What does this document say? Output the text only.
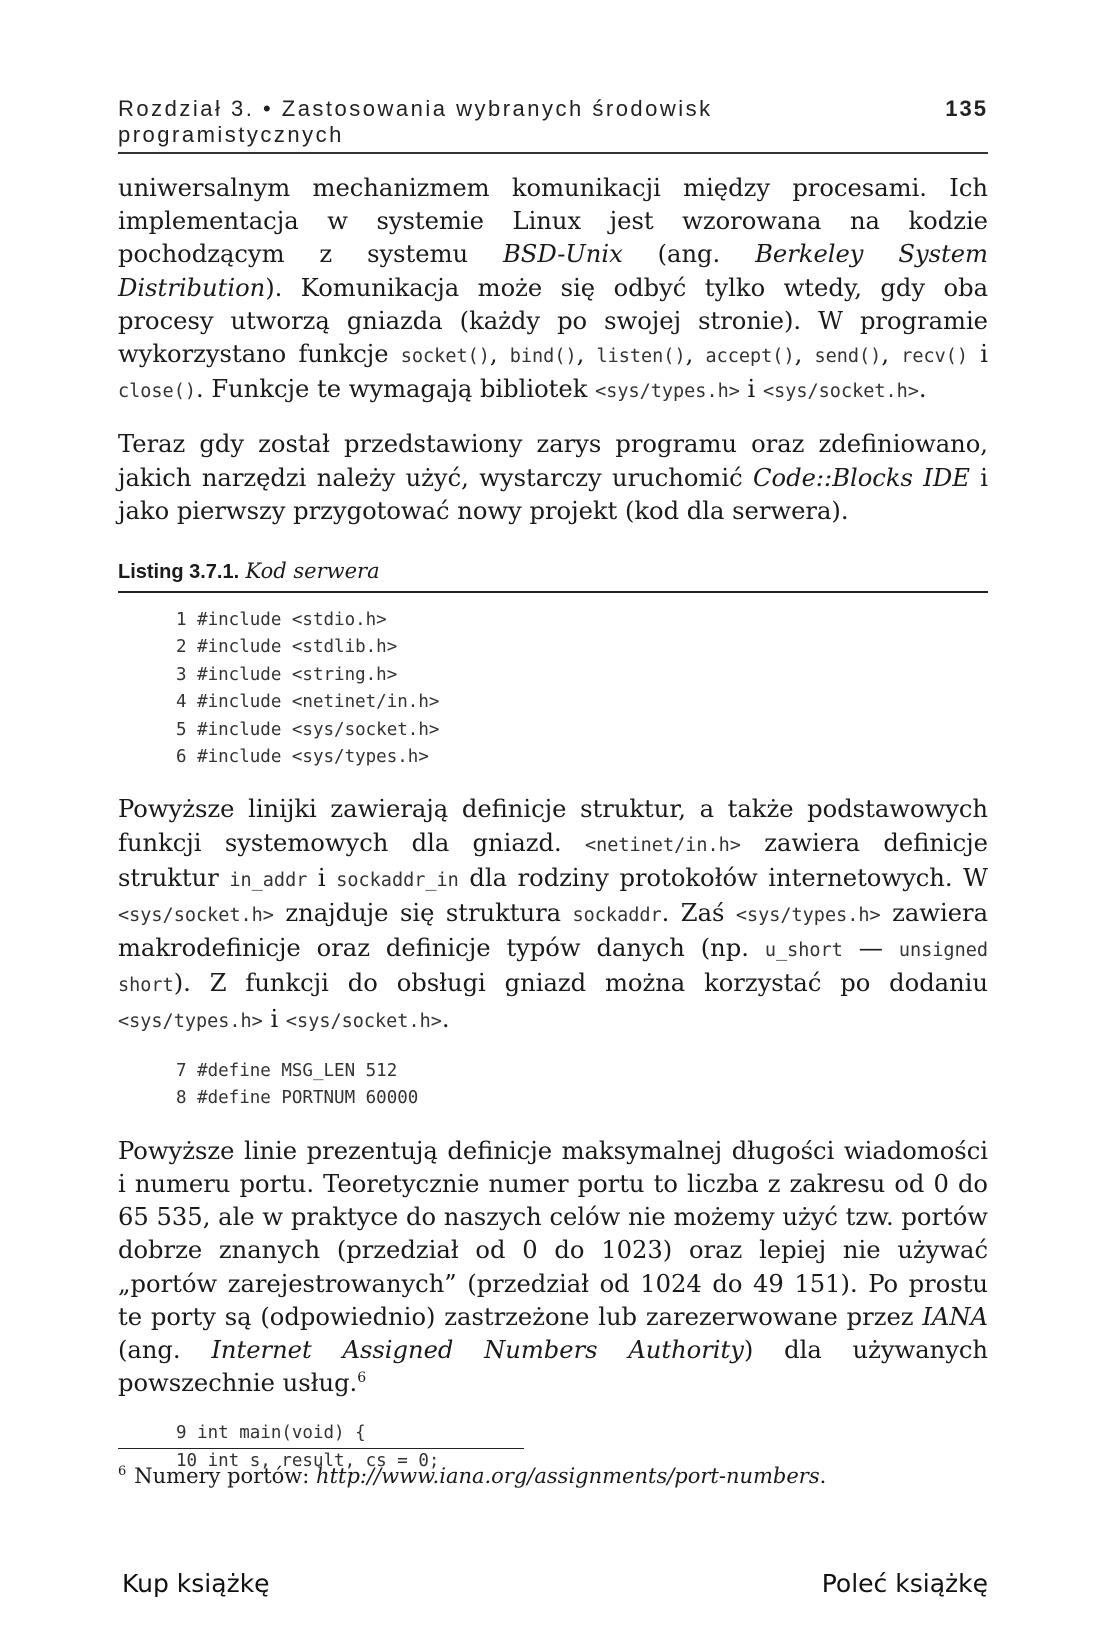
Rozdział 3. • Zastosowania wybranych środowisk programistycznych
135

uniwersalnym mechanizmem komunikacji między procesami. Ich implementacja w systemie Linux jest wzorowana na kodzie pochodzącym z systemu BSD-Unix (ang. Berkeley System Distribution). Komunikacja może się odbyć tylko wtedy, gdy oba procesy utworzą gniazda (każdy po swojej stronie). W programie wykorzystano funkcje socket(), bind(), listen(), accept(), send(), recv() i close(). Funkcje te wymagają bibliotek <sys/types.h> i <sys/socket.h>.

Teraz gdy został przedstawiony zarys programu oraz zdefiniowano, jakich narzędzi należy użyć, wystarczy uruchomić Code::Blocks IDE i jako pierwszy przygotować nowy projekt (kod dla serwera).

Listing 3.7.1. Kod serwera
1 #include <stdio.h>
2 #include <stdlib.h>
3 #include <string.h>
4 #include <netinet/in.h>
5 #include <sys/socket.h>
6 #include <sys/types.h>

Powyższe linijki zawierają definicje struktur, a także podstawowych funkcji systemowych dla gniazd. <netinet/in.h> zawiera definicje struktur in_addr i sockaddr_in dla rodziny protokołów internetowych. W <sys/socket.h> znajduje się struktura sockaddr. Zaś <sys/types.h> zawiera makrodefinicje oraz definicje typów danych (np. u_short — unsigned short). Z funkcji do obsługi gniazd można korzystać po dodaniu <sys/types.h> i <sys/socket.h>.

7 #define MSG_LEN 512
8 #define PORTNUM 60000

Powyższe linie prezentują definicje maksymalnej długości wiadomości i numeru portu. Teoretycznie numer portu to liczba z zakresu od 0 do 65 535, ale w praktyce do naszych celów nie możemy użyć tzw. portów dobrze znanych (przedział od 0 do 1023) oraz lepiej nie używać „portów zarejestrowanych” (przedział od 1024 do 49 151). Po prostu te porty są (odpowiednio) zastrzeżone lub zarezerwowane przez IANA (ang. Internet Assigned Numbers Authority) dla używanych powszechnie usług.$^6$

9 int main(void) {
10 int s, result, cs = 0;
$^6$ Numery portów: http://www.iana.org/assignments/port-numbers.
Kup książkę	Poleć książkę
